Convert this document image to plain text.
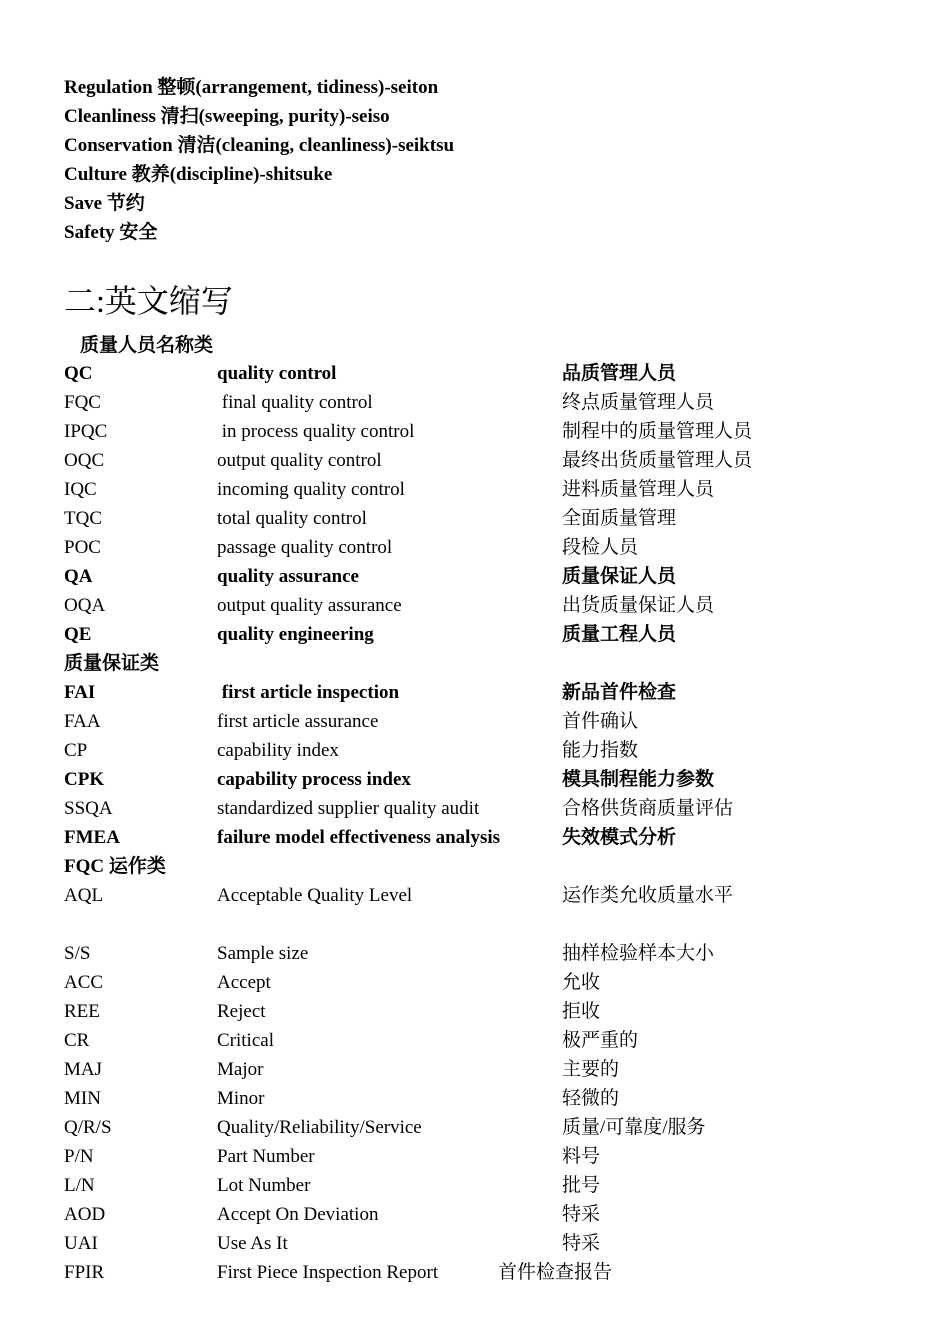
Regulation 整顿(arrangement, tidiness)-seiton
Cleanliness 清扫(sweeping, purity)-seiso
Conservation 清洁(cleaning, cleanliness)-seiktsu
Culture 教养(discipline)-shitsuke
Save 节约
Safety 安全
二:英文缩写
质量人员名称类
QC	quality control	品质管理人员
FQC	final quality control	终点质量管理人员
IPQC	in process quality control	制程中的质量管理人员
OQC	output quality control	最终出货质量管理人员
IQC	incoming quality control	进料质量管理人员
TQC	total quality control	全面质量管理
POC	passage quality control	段检人员
QA	quality assurance	质量保证人员
OQA	output quality assurance	出货质量保证人员
QE	quality engineering	质量工程人员
质量保证类
FAI	first article inspection	新品首件检查
FAA	first article assurance	首件确认
CP	capability index	能力指数
CPK	capability process index	模具制程能力参数
SSQA	standardized supplier quality audit	合格供货商质量评估
FMEA	failure model effectiveness analysis	失效模式分析
FQC 运作类
AQL	Acceptable Quality Level	运作类允收质量水平
S/S	Sample size	抽样检验样本大小
ACC	Accept	允收
REE	Reject	拒收
CR	Critical	极严重的
MAJ	Major	主要的
MIN	Minor	轻微的
Q/R/S	Quality/Reliability/Service	质量/可靠度/服务
P/N	Part Number	料号
L/N	Lot Number	批号
AOD	Accept On Deviation	特采
UAI	Use As It	特采
FPIR	First Piece Inspection Report	首件检查报告
